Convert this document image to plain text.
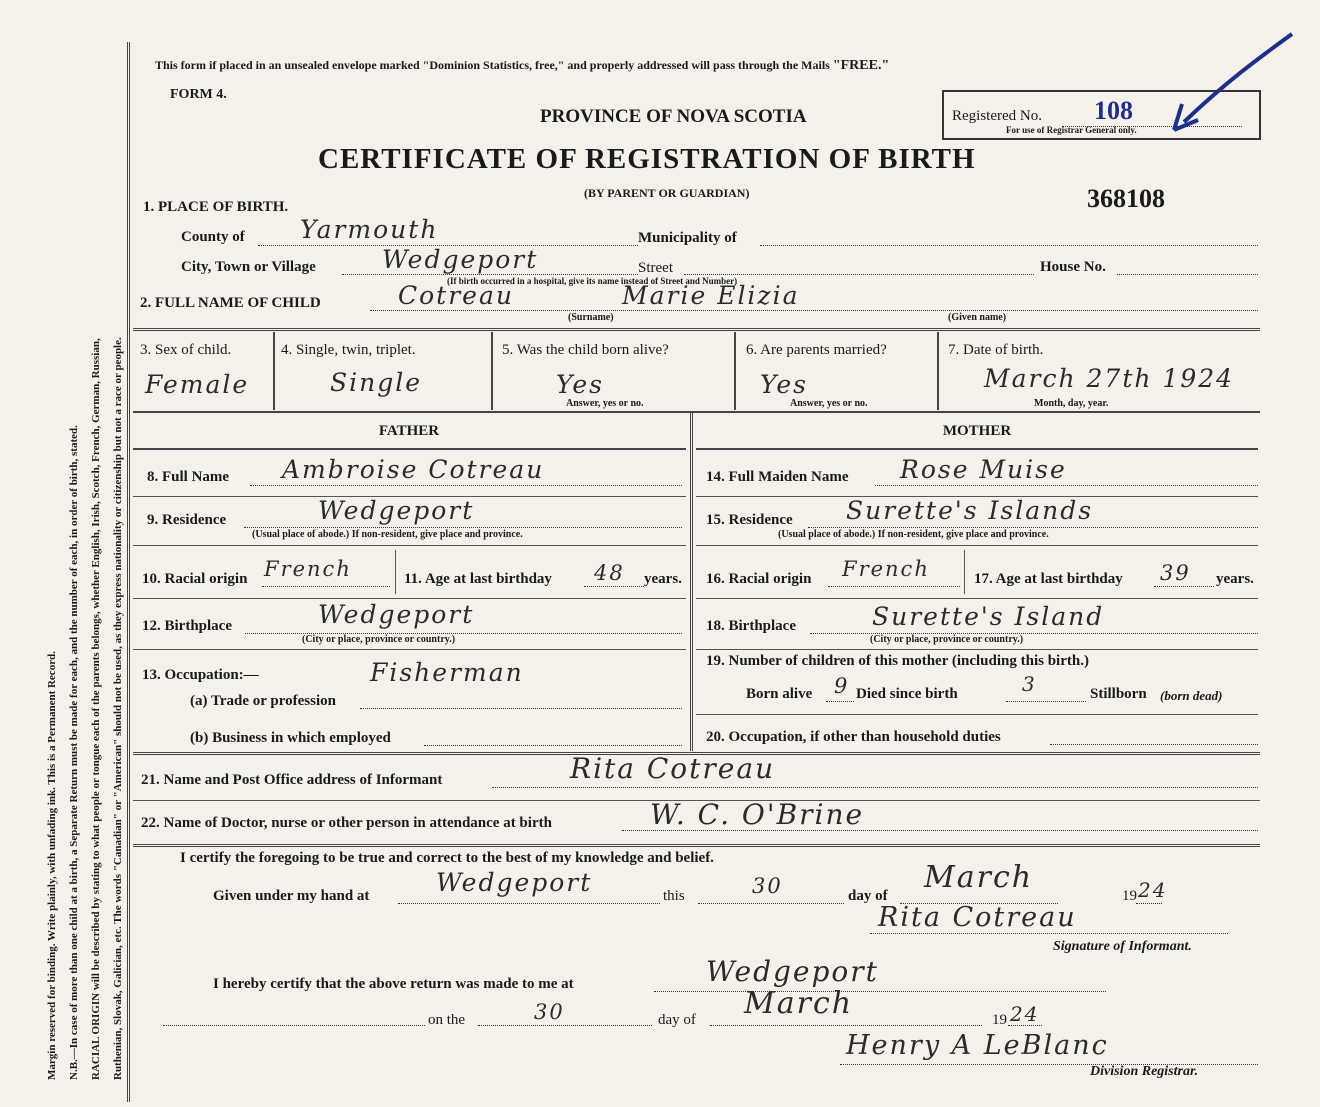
Margin reserved for binding. Write plainly, with unfading ink. This is a Permanent Record. N.B.—In case of more than one child at a birth, a Separate Return must be made for each, and the number of each, in order of birth, stated. RACIAL ORIGIN will be described by stating to what people or tongue each of the parents belongs, whether English, Irish, Scotch, French, German, Russian, Ruthenian, Slovak, Galician, etc. The words "Canadian" or "American" should not be used, as they express nationality or citizenship but not a race or people.
This form if placed in an unsealed envelope marked "Dominion Statistics, free," and properly addressed will pass through the Mails "FREE."
FORM 4.
PROVINCE OF NOVA SCOTIA
CERTIFICATE OF REGISTRATION OF BIRTH
(BY PARENT OR GUARDIAN)	368108
Registered No. 108
For use of Registrar General only.
1. PLACE OF BIRTH.
County of Yarmouth	Municipality of
City, Town or Village	Wedgeport	Street	House No.
(If birth occurred in a hospital, give its name instead of Street and Number)
2. FULL NAME OF CHILD	Cotreau	Marie Elizia
(Surname)	(Given name)
3. Sex of child.
Female
4. Single, twin, triplet.
Single
5. Was the child born alive?
Yes
Answer, yes or no.
6. Are parents married?
Yes
Answer, yes or no.
7. Date of birth.
March 27th 1924
Month, day, year.
FATHER	MOTHER
8. Full Name Ambroise Cotreau
9. Residence	Wedgeport
(Usual place of abode.) If non-resident, give place and province.
10. Racial origin French	11. Age at last birthday 48 years.
12. Birthplace	Wedgeport
(City or place, province or country.)
13. Occupation:—
(a) Trade or profession
Fisherman
(b) Business in which employed
14. Full Maiden Name Rose Muise
15. Residence Surette's Islands
(Usual place of abode.) If non-resident, give place and province.
16. Racial origin French	17. Age at last birthday 39 years.
18. Birthplace	Surette's Island
(City or place, province or country.)
19. Number of children of this mother (including this birth.)
Born alive 9 Died since birth	3	Stillborn (born dead)
20. Occupation, if other than household duties
21. Name and Post Office address of Informant	Rita Cotreau
22. Name of Doctor, nurse or other person in attendance at birth	W. C. O'Brine
I certify the foregoing to be true and correct to the best of my knowledge and belief.
Given under my hand at	Wedgeport	this	30	day of
March
19 24
Rita Cotreau
Signature of Informant.
I hereby certify that the above return was made to me at	Wedgeport
on the	30	day of March	19 24
Henry A LeBlanc
Division Registrar.
